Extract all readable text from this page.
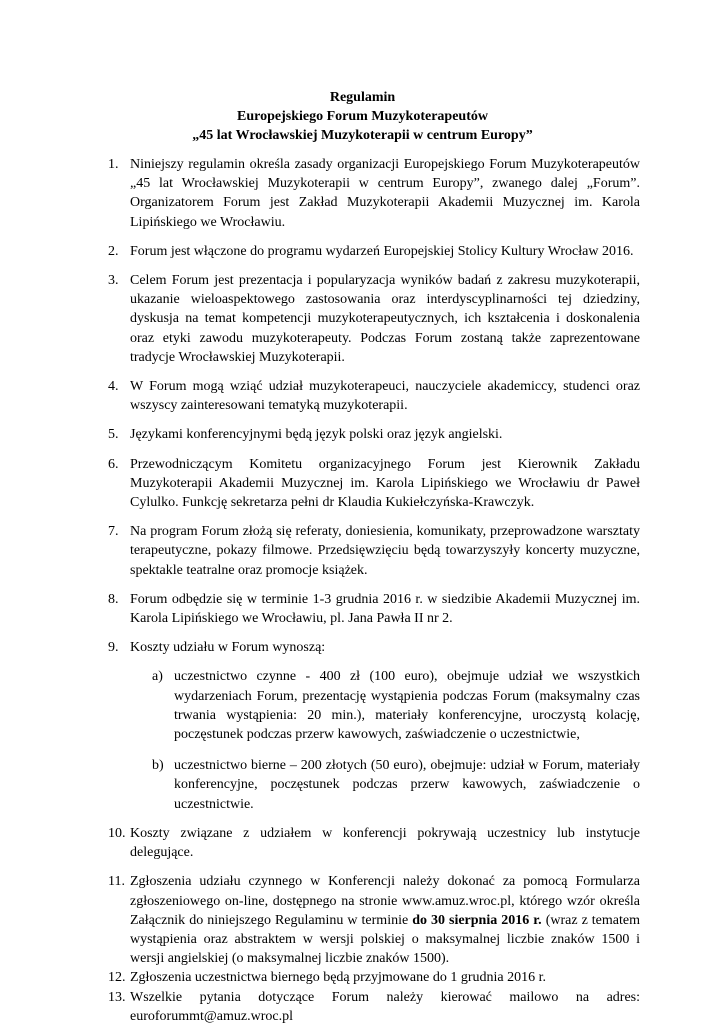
Regulamin
Europejskiego Forum Muzykoterapeutów
„45 lat Wrocławskiej Muzykoterapii w centrum Europy”
1. Niniejszy regulamin określa zasady organizacji Europejskiego Forum Muzykoterapeutów „45 lat Wrocławskiej Muzykoterapii w centrum Europy”, zwanego dalej „Forum”. Organizatorem Forum jest Zakład Muzykoterapii Akademii Muzycznej im. Karola Lipińskiego we Wrocławiu.
2. Forum jest włączone do programu wydarzeń Europejskiej Stolicy Kultury Wrocław 2016.
3. Celem Forum jest prezentacja i popularyzacja wyników badań z zakresu muzykoterapii, ukazanie wieloaspektowego zastosowania oraz interdyscyplinarności tej dziedziny, dyskusja na temat kompetencji muzykoterapeutycznych, ich kształcenia i doskonalenia oraz etyki zawodu muzykoterapeuty. Podczas Forum zostaną także zaprezentowane tradycje Wrocławskiej Muzykoterapii.
4. W Forum mogą wziąć udział muzykoterapeuci, nauczyciele akademiccy, studenci oraz wszyscy zainteresowani tematyką muzykoterapii.
5. Językami konferencyjnymi będą język polski oraz język angielski.
6. Przewodniczącym Komitetu organizacyjnego Forum jest Kierownik Zakładu Muzykoterapii Akademii Muzycznej im. Karola Lipińskiego we Wrocławiu dr Paweł Cylulko. Funkcję sekretarza pełni dr Klaudia Kukiełczyńska-Krawczyk.
7. Na program Forum złożą się referaty, doniesienia, komunikaty, przeprowadzone warsztaty terapeutyczne, pokazy filmowe. Przedsięwzięciu będą towarzyszyły koncerty muzyczne, spektakle teatralne oraz promocje książek.
8. Forum odbędzie się w terminie 1-3 grudnia 2016 r. w siedzibie Akademii Muzycznej im. Karola Lipińskiego we Wrocławiu, pl. Jana Pawła II nr 2.
9. Koszty udziału w Forum wynoszą:
a) uczestnictwo czynne - 400 zł (100 euro), obejmuje udział we wszystkich wydarzeniach Forum, prezentację wystąpienia podczas Forum (maksymalny czas trwania wystąpienia: 20 min.), materiały konferencyjne, uroczystą kolację, poczęstunek podczas przerw kawowych, zaświadczenie o uczestnictwie,
b) uczestnictwo bierne – 200 złotych (50 euro), obejmuje: udział w Forum, materiały konferencyjne, poczęstunek podczas przerw kawowych, zaświadczenie o uczestnictwie.
10. Koszty związane z udziałem w konferencji pokrywają uczestnicy lub instytucje delegujące.
11. Zgłoszenia udziału czynnego w Konferencji należy dokonać za pomocą Formularza zgłoszeniowego on-line, dostępnego na stronie www.amuz.wroc.pl, którego wzór określa Załącznik do niniejszego Regulaminu w terminie do 30 sierpnia 2016 r. (wraz z tematem wystąpienia oraz abstraktem w wersji polskiej o maksymalnej liczbie znaków 1500 i wersji angielskiej (o maksymalnej liczbie znaków 1500).
12. Zgłoszenia uczestnictwa biernego będą przyjmowane do 1 grudnia 2016 r.
13. Wszelkie pytania dotyczące Forum należy kierować mailowo na adres: euroforummt@amuz.wroc.pl
